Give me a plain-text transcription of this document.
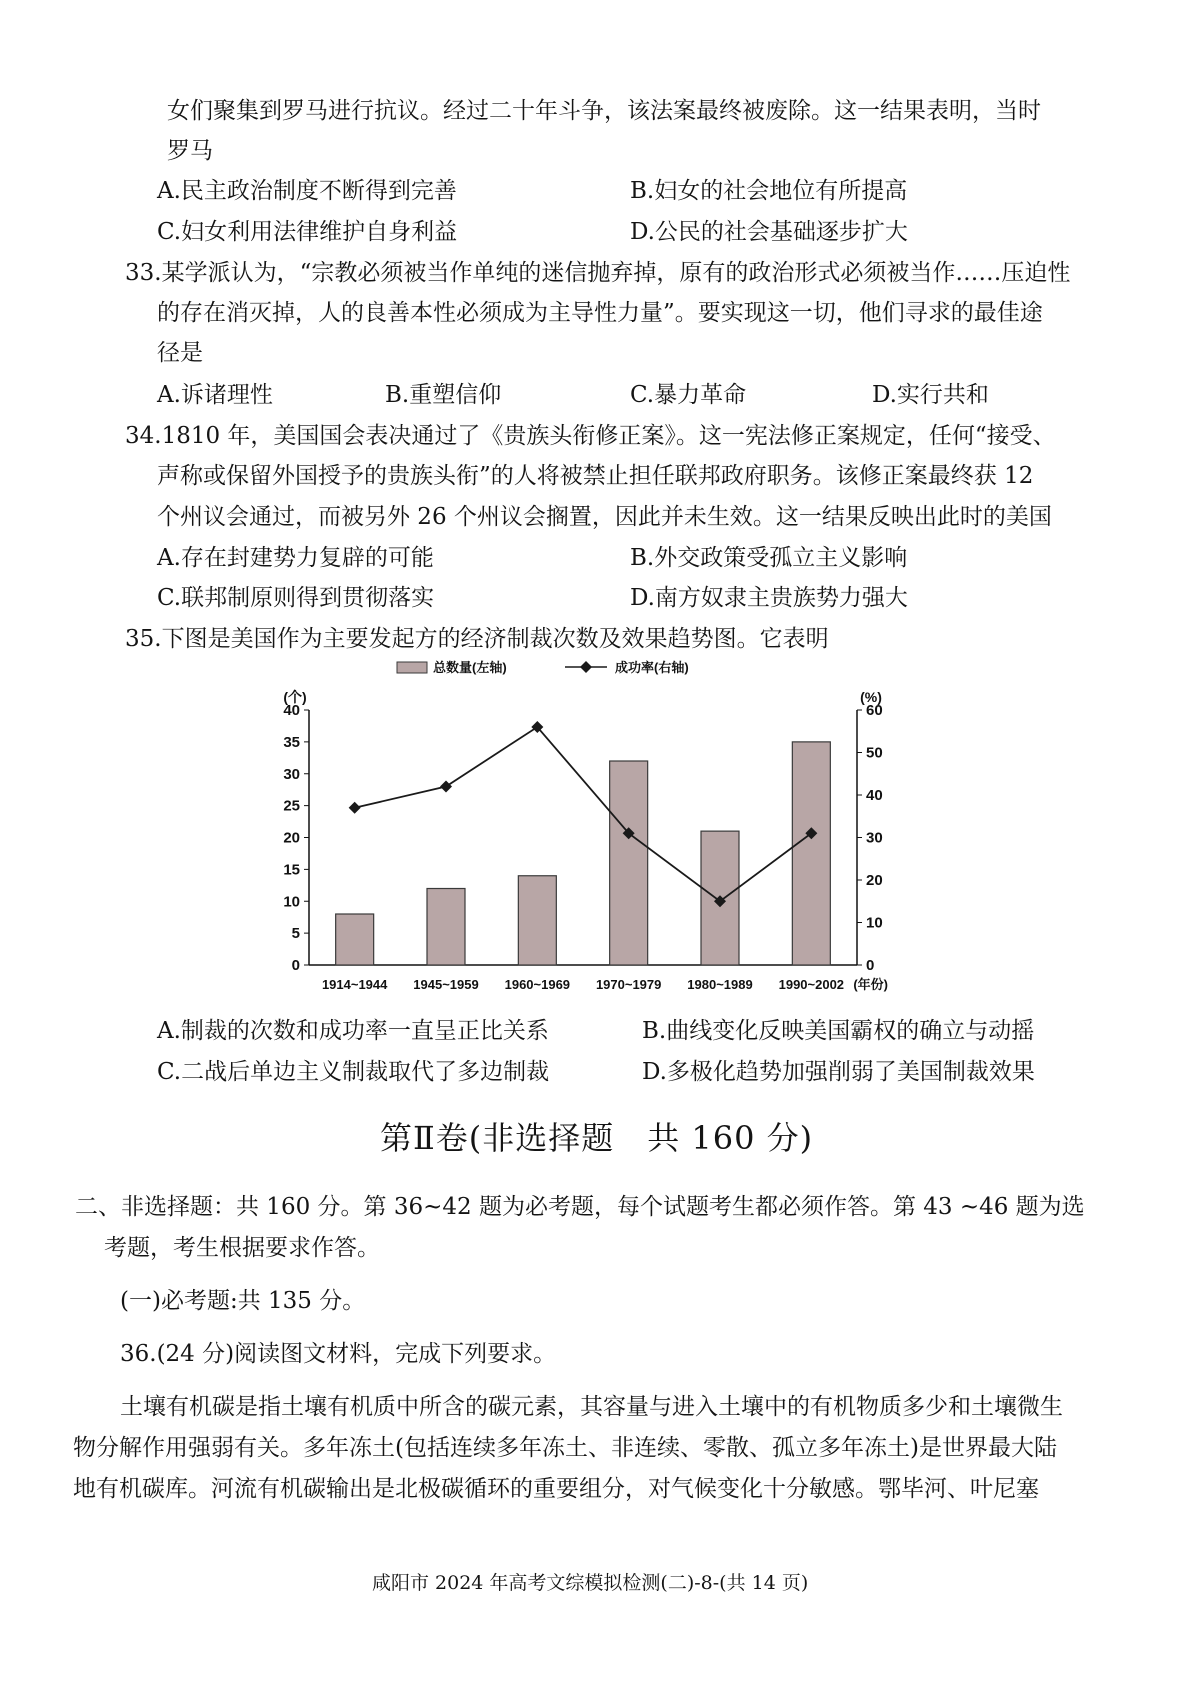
女们聚集到罗马进行抗议。经过二十年斗争，该法案最终被废除。这一结果表明，当时
罗马
A.民主政治制度不断得到完善	B.妇女的社会地位有所提高
C.妇女利用法律维护自身利益	D.公民的社会基础逐步扩大
33.某学派认为，“宗教必须被当作单纯的迷信抛弃掉，原有的政治形式必须被当作……压迫性
的存在消灭掉，人的良善本性必须成为主导性力量”。要实现这一切，他们寻求的最佳途
径是
A.诉诸理性	B.重塑信仰	C.暴力革命	D.实行共和
34.1810 年，美国国会表决通过了《贵族头衔修正案》。这一宪法修正案规定，任何“接受、
声称或保留外国授予的贵族头衔”的人将被禁止担任联邦政府职务。该修正案最终获 12
个州议会通过，而被另外 26 个州议会搁置，因此并未生效。这一结果反映出此时的美国
A.存在封建势力复辟的可能	B.外交政策受孤立主义影响
C.联邦制原则得到贯彻落实	D.南方奴隶主贵族势力强大
35.下图是美国作为主要发起方的经济制裁次数及效果趋势图。它表明
总数量(左轴)	成功率(右轴)
(个)	(%)
0
5
10
15
20
25
30
35
40
0
10
20
30
40
50
60
1914~1944 1945~1959 1960~1969 1970~1979 1980~1989 1990~2002 (年份)
A.制裁的次数和成功率一直呈正比关系	B.曲线变化反映美国霸权的确立与动摇
C.二战后单边主义制裁取代了多边制裁	D.多极化趋势加强削弱了美国制裁效果
第Ⅱ卷(非选择题　共 160 分)
二、非选择题：共 160 分。第 36~42 题为必考题，每个试题考生都必须作答。第 43 ~46 题为选
考题，考生根据要求作答。
(一)必考题:共 135 分。
36.(24 分)阅读图文材料，完成下列要求。
土壤有机碳是指土壤有机质中所含的碳元素，其容量与进入土壤中的有机物质多少和土壤微生
物分解作用强弱有关。多年冻土(包括连续多年冻土、非连续、零散、孤立多年冻土)是世界最大陆
地有机碳库。河流有机碳输出是北极碳循环的重要组分，对气候变化十分敏感。鄂毕河、叶尼塞
咸阳市 2024 年高考文综模拟检测(二)-8-(共 14 页)
